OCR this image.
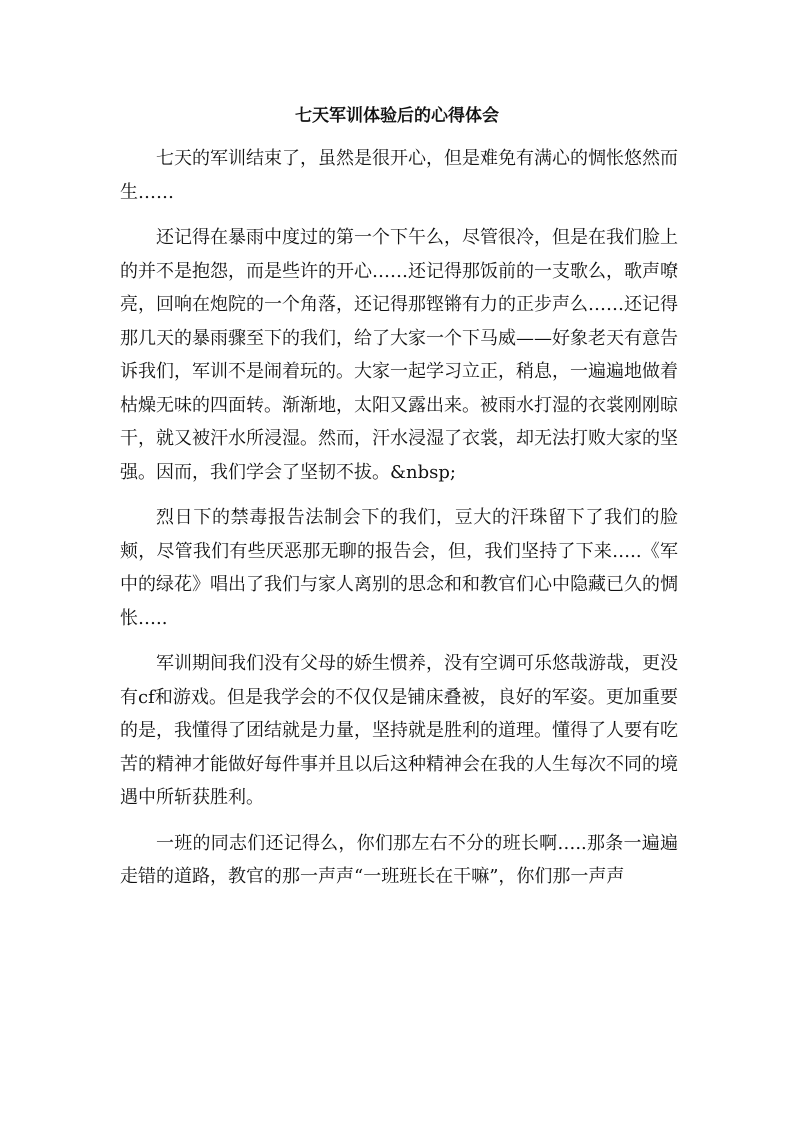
七天军训体验后的心得体会

七天的军训结束了，虽然是很开心，但是难免有满心的惆怅悠然而生……

还记得在暴雨中度过的第一个下午么，尽管很冷，但是在我们脸上的并不是抱怨，而是些许的开心……还记得那饭前的一支歌么，歌声嘹亮，回响在炮院的一个角落，还记得那铿锵有力的正步声么……还记得那几天的暴雨骤至下的我们，给了大家一个下马威——好象老天有意告诉我们，军训不是闹着玩的。大家一起学习立正，稍息，一遍遍地做着枯燥无味的四面转。渐渐地，太阳又露出来。被雨水打湿的衣裳刚刚晾干，就又被汗水所浸湿。然而，汗水浸湿了衣裳，却无法打败大家的坚强。因而，我们学会了坚韧不拔。&nbsp;

烈日下的禁毒报告法制会下的我们，豆大的汗珠留下了我们的脸颊，尽管我们有些厌恶那无聊的报告会，但，我们坚持了下来…..《军中的绿花》唱出了我们与家人离别的思念和和教官们心中隐藏已久的惆怅…..

军训期间我们没有父母的娇生惯养，没有空调可乐悠哉游哉，更没有cf和游戏。但是我学会的不仅仅是铺床叠被，良好的军姿。更加重要的是，我懂得了团结就是力量，坚持就是胜利的道理。懂得了人要有吃苦的精神才能做好每件事并且以后这种精神会在我的人生每次不同的境遇中所斩获胜利。

一班的同志们还记得么，你们那左右不分的班长啊…..那条一遍遍走错的道路，教官的那一声声“一班班长在干嘛”，你们那一声声
